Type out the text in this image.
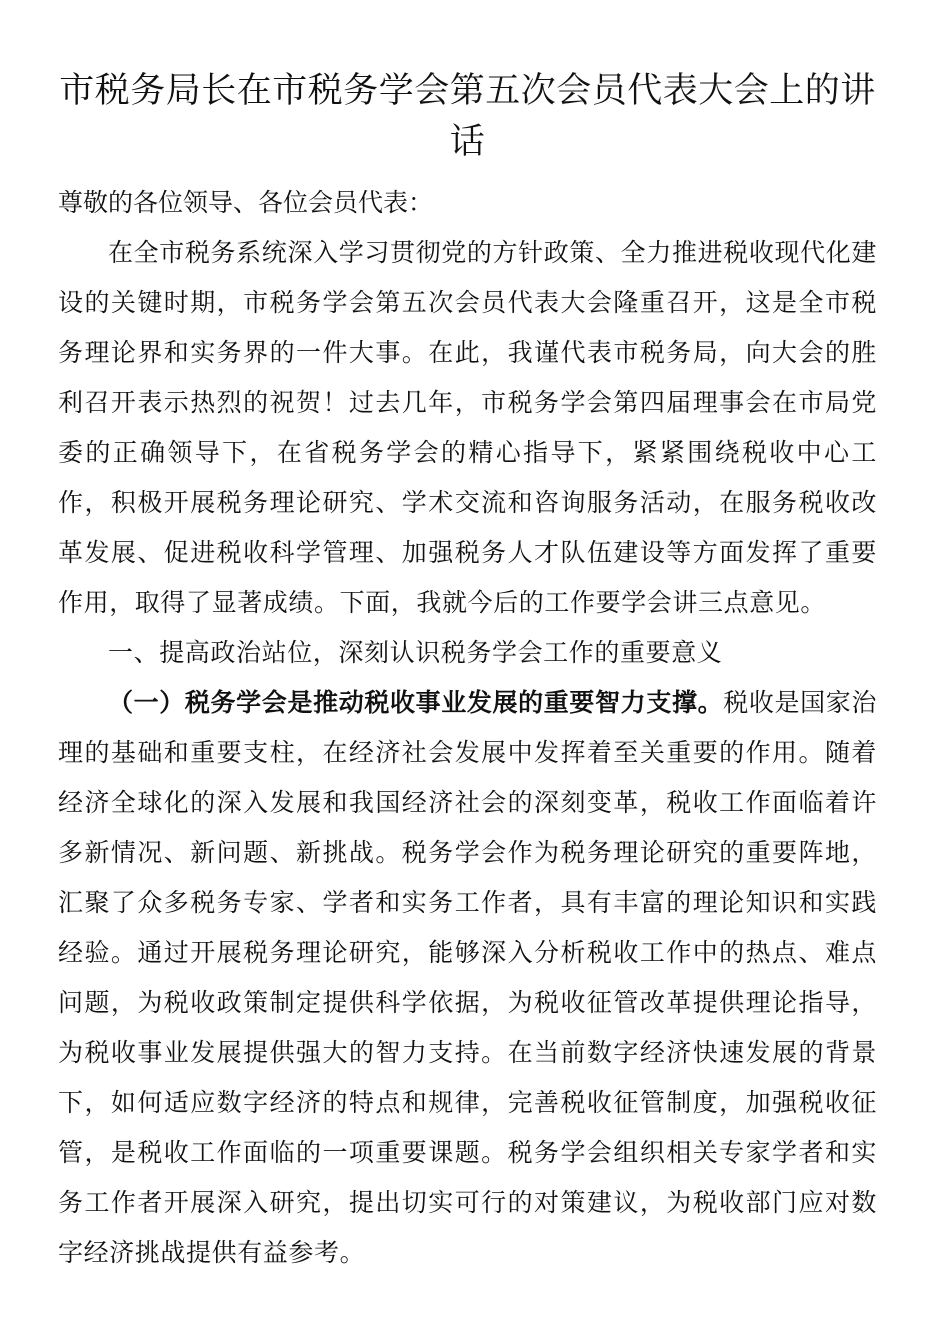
市税务局长在市税务学会第五次会员代表大会上的讲话

尊敬的各位领导、各位会员代表：

在全市税务系统深入学习贯彻党的方针政策、全力推进税收现代化建设的关键时期，市税务学会第五次会员代表大会隆重召开，这是全市税务理论界和实务界的一件大事。在此，我谨代表市税务局，向大会的胜利召开表示热烈的祝贺！过去几年，市税务学会第四届理事会在市局党委的正确领导下，在省税务学会的精心指导下，紧紧围绕税收中心工作，积极开展税务理论研究、学术交流和咨询服务活动，在服务税收改革发展、促进税收科学管理、加强税务人才队伍建设等方面发挥了重要作用，取得了显著成绩。下面，我就今后的工作要学会讲三点意见。

一、提高政治站位，深刻认识税务学会工作的重要意义

（一）税务学会是推动税收事业发展的重要智力支撑。税收是国家治理的基础和重要支柱，在经济社会发展中发挥着至关重要的作用。随着经济全球化的深入发展和我国经济社会的深刻变革，税收工作面临着许多新情况、新问题、新挑战。税务学会作为税务理论研究的重要阵地，汇聚了众多税务专家、学者和实务工作者，具有丰富的理论知识和实践经验。通过开展税务理论研究，能够深入分析税收工作中的热点、难点问题，为税收政策制定提供科学依据，为税收征管改革提供理论指导，为税收事业发展提供强大的智力支持。在当前数字经济快速发展的背景下，如何适应数字经济的特点和规律，完善税收征管制度，加强税收征管，是税收工作面临的一项重要课题。税务学会组织相关专家学者和实务工作者开展深入研究，提出切实可行的对策建议，为税收部门应对数字经济挑战提供有益参考。
